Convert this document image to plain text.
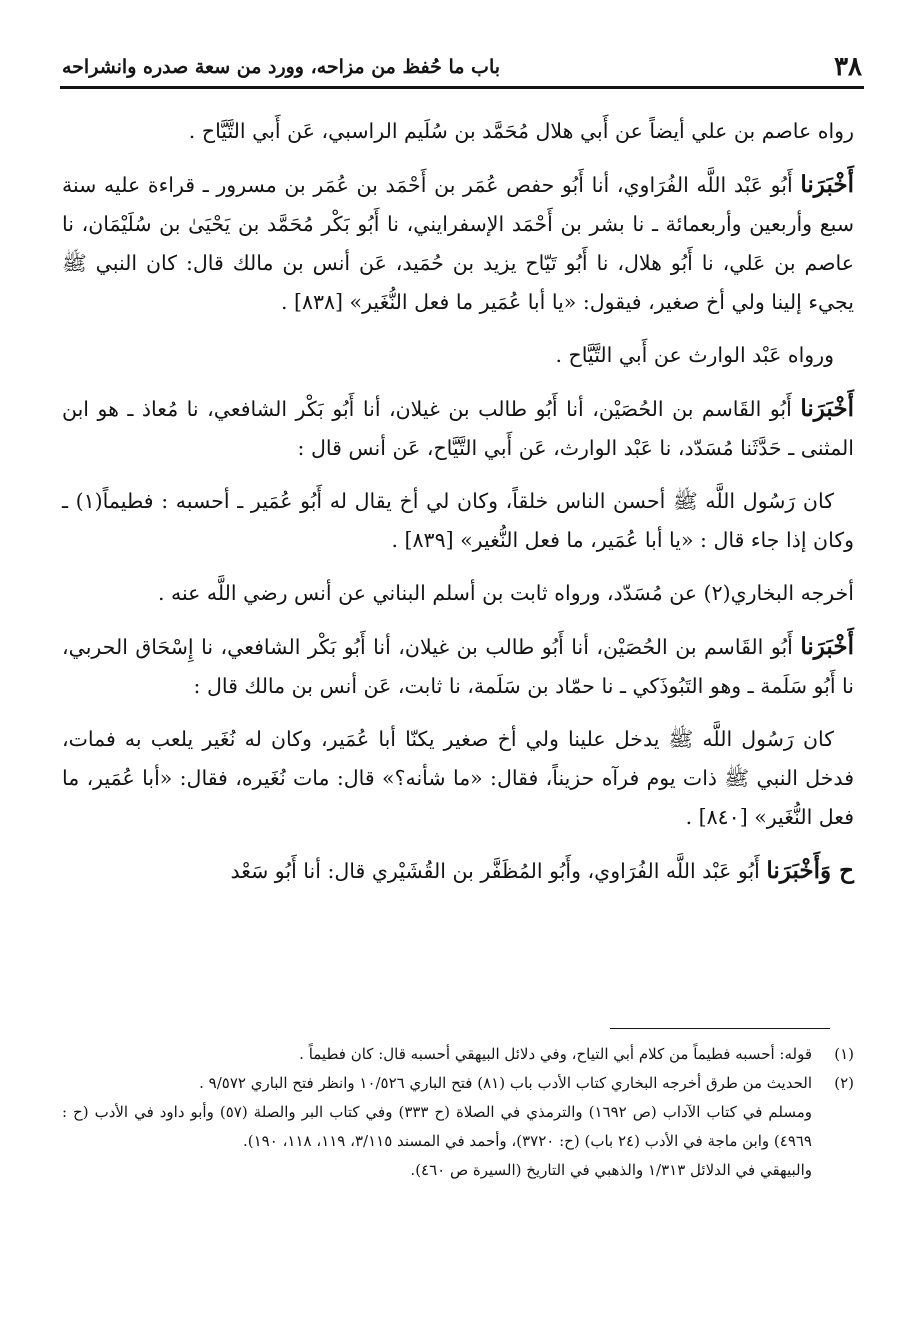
٣٨
باب ما حُفظ من مزاحه، وورد من سعة صدره وانشراحه

رواه عاصم بن علي أيضاً عن أَبي هلال مُحَمَّد بن سُلَيم الراسبي، عَن أَبي التَّيَّاح .

أَخْبَرَنا أَبُو عَبْد اللَّه الفُرَاوي، أنا أَبُو حفص عُمَر بن أَحْمَد بن عُمَر بن مسرور ـ قراءة عليه سنة سبع وأربعين وأربعمائة ـ نا بشر بن أَحْمَد الإسفرايني، نا أَبُو بَكْر مُحَمَّد بن يَحْيَىٰ بن سُلَيْمَان، نا عاصم بن عَلي، نا أَبُو هلال، نا أَبُو تَيّاح يزيد بن حُمَيد، عَن أنس بن مالك قال: كان النبي ﷺ يجيء إلينا ولي أخ صغير، فيقول: «يا أبا عُمَير ما فعل النُّغَير» [٨٣٨] .

ورواه عَبْد الوارث عن أَبي التَّيَّاح .

أَخْبَرَنا أَبُو القَاسم بن الحُصَيْن، أنا أَبُو طالب بن غيلان، أنا أَبُو بَكْر الشافعي، نا مُعاذ ـ هو ابن المثنى ـ حَدَّثَنا مُسَدّد، نا عَبْد الوارث، عَن أَبي التَّيَّاح، عَن أنس قال :

كان رَسُول اللَّه ﷺ أحسن الناس خلقاً، وكان لي أخ يقال له أَبُو عُمَير ـ أحسبه : فطيماً(١) ـ وكان إذا جاء قال : «يا أبا عُمَير، ما فعل النُّغير» [٨٣٩] .

أخرجه البخاري(٢) عن مُسَدّد، ورواه ثابت بن أسلم البناني عن أنس رضي اللَّه عنه .

أَخْبَرَنا أَبُو القَاسم بن الحُصَيْن، أنا أَبُو طالب بن غيلان، أنا أَبُو بَكْر الشافعي، نا إِسْحَاق الحربي، نا أَبُو سَلَمة ـ وهو التَبُوذَكي ـ نا حمّاد بن سَلَمة، نا ثابت، عَن أنس بن مالك قال :

كان رَسُول اللَّه ﷺ يدخل علينا ولي أخ صغير يكنّا أبا عُمَير، وكان له نُغَير يلعب به فمات، فدخل النبي ﷺ ذات يوم فرآه حزيناً، فقال: «ما شأنه؟» قال: مات نُغَيره، فقال: «أبا عُمَير، ما فعل النُّغَير» [٨٤٠] .

ح وَأَخْبَرَنا أَبُو عَبْد اللَّه الفُرَاوي، وأَبُو المُظَفَّر بن القُشَيْري قال: أنا أَبُو سَعْد

(١)
قوله: أحسبه فطيماً من كلام أبي التياح، وفي دلائل البيهقي أحسبه قال: كان فطيماً .

(٢)
الحديث من طرق أخرجه البخاري كتاب الأدب باب (٨١) فتح الباري ١٠/٥٢٦ وانظر فتح الباري ٩/٥٧٢ .

ومسلم في كتاب الآداب (ص ١٦٩٢) والترمذي في الصلاة (ح ٣٣٣) وفي كتاب البر والصلة (٥٧) وأبو داود في الأدب (ح : ٤٩٦٩) وابن ماجة في الأدب (٢٤ باب) (ح: ٣٧٢٠)، وأحمد في المسند ٣/١١٥، ١١٩، ١١٨، ١٩٠).

والبيهقي في الدلائل ١/٣١٣ والذهبي في التاريخ (السيرة ص ٤٦٠).
